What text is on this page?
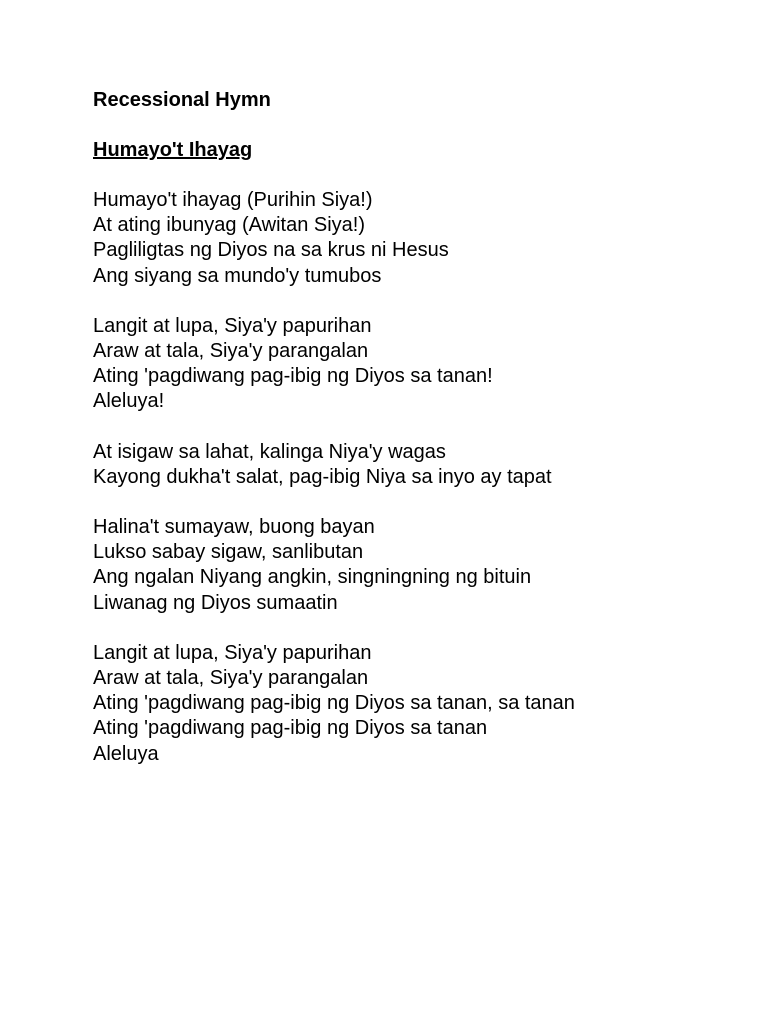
Recessional Hymn
Humayo't Ihayag
Humayo't ihayag (Purihin Siya!)
At ating ibunyag (Awitan Siya!)
Pagliligtas ng Diyos na sa krus ni Hesus
Ang siyang sa mundo'y tumubos
Langit at lupa, Siya'y papurihan
Araw at tala, Siya'y parangalan
Ating 'pagdiwang pag-ibig ng Diyos sa tanan!
Aleluya!
At isigaw sa lahat, kalinga Niya'y wagas
Kayong dukha't salat, pag-ibig Niya sa inyo ay tapat
Halina't sumayaw, buong bayan
Lukso sabay sigaw, sanlibutan
Ang ngalan Niyang angkin, singningning ng bituin
Liwanag ng Diyos sumaatin
Langit at lupa, Siya'y papurihan
Araw at tala, Siya'y parangalan
Ating 'pagdiwang pag-ibig ng Diyos sa tanan, sa tanan
Ating 'pagdiwang pag-ibig ng Diyos sa tanan
Aleluya
